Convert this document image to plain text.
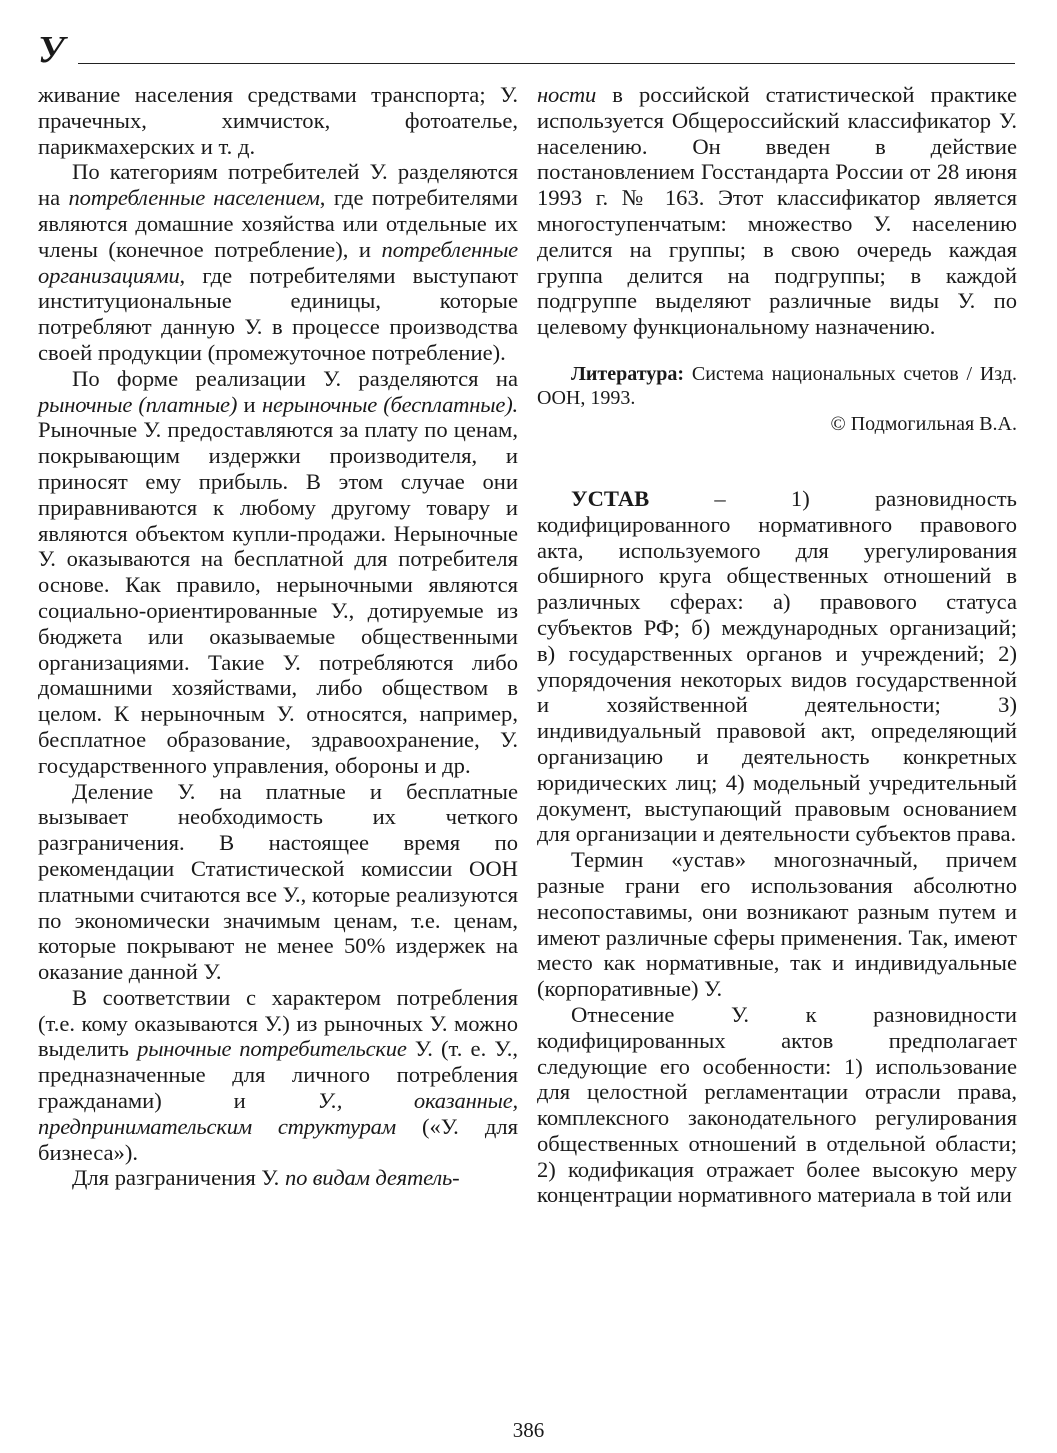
У

живание населения средствами транспорта; У. прачечных, химчисток, фотоателье, парикмахерских и т. д.

По категориям потребителей У. разделяются на потребленные населением, где потребителями являются домашние хозяйства или отдельные их члены (конечное потребление), и потребленные организациями, где потребителями выступают институциональные единицы, которые потребляют данную У. в процессе производства своей продукции (промежуточное потребление).

По форме реализации У. разделяются на рыночные (платные) и нерыночные (бесплатные). Рыночные У. предоставляются за плату по ценам, покрывающим издержки производителя, и приносят ему прибыль. В этом случае они приравниваются к любому другому товару и являются объектом купли-продажи. Нерыночные У. оказываются на бесплатной для потребителя основе. Как правило, нерыночными являются социально-ориентированные У., дотируемые из бюджета или оказываемые общественными организациями. Такие У. потребляются либо домашними хозяйствами, либо обществом в целом. К нерыночным У. относятся, например, бесплатное образование, здравоохранение, У. государственного управления, обороны и др.

Деление У. на платные и бесплатные вызывает необходимость их четкого разграничения. В настоящее время по рекомендации Статистической комиссии ООН платными считаются все У., которые реализуются по экономически значимым ценам, т.е. ценам, которые покрывают не менее 50% издержек на оказание данной У.

В соответствии с характером потребления (т.е. кому оказываются У.) из рыночных У. можно выделить рыночные потребительские У. (т. е. У., предназначенные для личного потребления гражданами) и У., оказанные, предпринимательским структурам («У. для бизнеса»).

Для разграничения У. по видам деятель-

ности в российской статистической практике используется Общероссийский классификатор У. населению. Он введен в действие постановлением Госстандарта России от 28 июня 1993 г. № 163. Этот классификатор является многоступенчатым: множество У. населению делится на группы; в свою очередь каждая группа делится на подгруппы; в каждой подгруппе выделяют различные виды У. по целевому функциональному назначению.

Литература: Система национальных счетов / Изд. ООН, 1993.

© Подмогильная В.А.

УСТАВ – 1) разновидность кодифицированного нормативного правового акта, используемого для урегулирования обширного круга общественных отношений в различных сферах: а) правового статуса субъектов РФ; б) международных организаций; в) государственных органов и учреждений; 2) упорядочения некоторых видов государственной и хозяйственной деятельности; 3) индивидуальный правовой акт, определяющий организацию и деятельность конкретных юридических лиц; 4) модельный учредительный документ, выступающий правовым основанием для организации и деятельности субъектов права.

Термин «устав» многозначный, причем разные грани его использования абсолютно несопоставимы, они возникают разным путем и имеют различные сферы применения. Так, имеют место как нормативные, так и индивидуальные (корпоративные) У.

Отнесение У. к разновидности кодифицированных актов предполагает следующие его особенности: 1) использование для целостной регламентации отрасли права, комплексного законодательного регулирования общественных отношений в отдельной области; 2) кодификация отражает более высокую меру концентрации нормативного материала в той или

386
